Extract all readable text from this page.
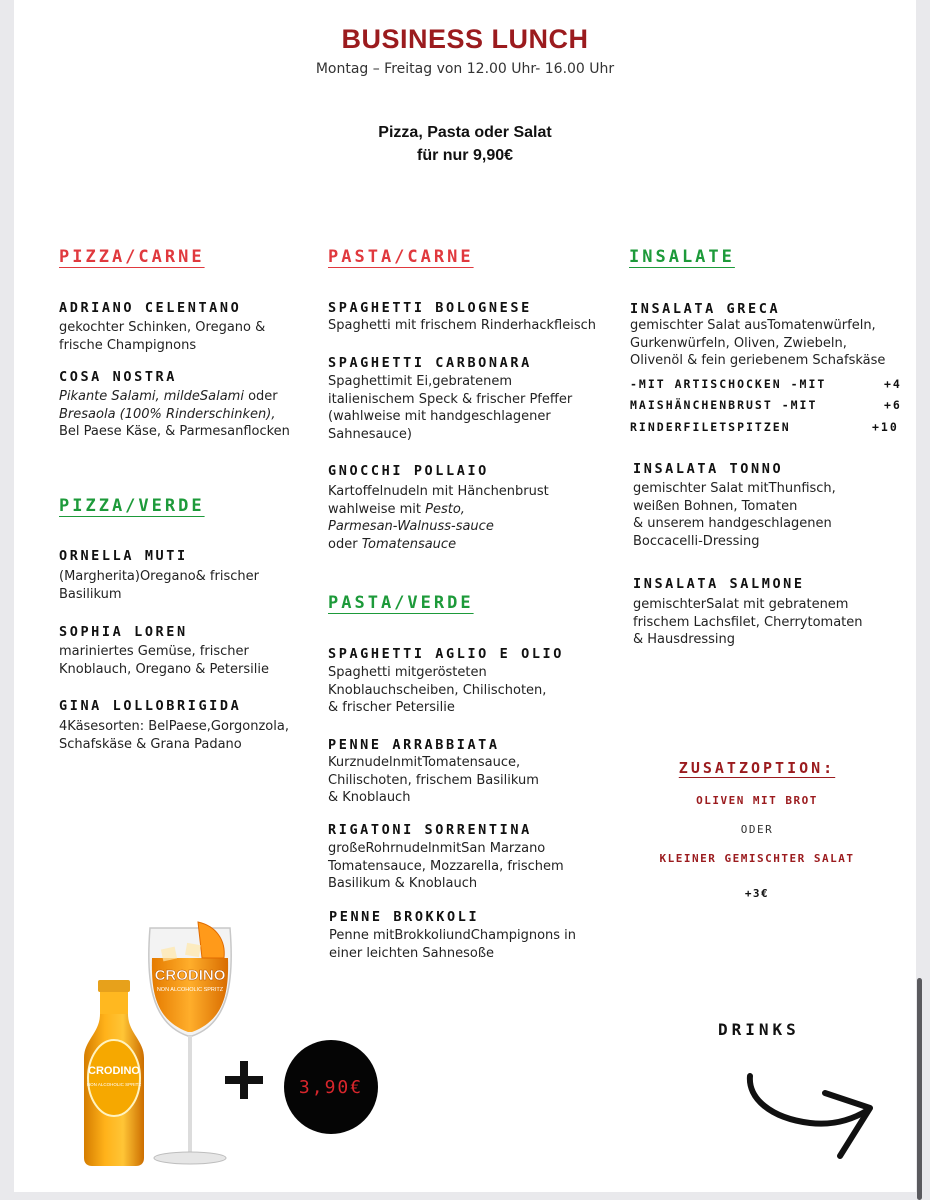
BUSINESS LUNCH
Montag – Freitag von 12.00 Uhr- 16.00 Uhr
Pizza, Pasta oder Salat
für nur 9,90€
PIZZA/CARNE
ADRIANO CELENTANO
gekochter Schinken, Oregano &
frische Champignons
COSA NOSTRA
Pikante Salami, mildeSalami oder
Bresaola (100% Rinderschinken),
Bel Paese Käse, & Parmesanflocken
PIZZA/VERDE
ORNELLA MUTI
(Margherita)Oregano& frischer
Basilikum
SOPHIA LOREN
mariniertes Gemüse, frischer
Knoblauch, Oregano & Petersilie
GINA LOLLOBRIGIDA
4Käsesorten: BelPaese,Gorgonzola,
Schafskäse & Grana Padano
PASTA/CARNE
SPAGHETTI BOLOGNESE
Spaghetti mit frischem Rinderhackfleisch
SPAGHETTI CARBONARA
Spaghettimit Ei,gebratenem
italienischem Speck & frischer Pfeffer
(wahlweise mit handgeschlagener
Sahnesauce)
GNOCCHI POLLAIO
Kartoffelnudeln mit Hänchenbrust
wahlweise mit Pesto,
Parmesan-Walnuss-sauce
oder Tomatensauce
PASTA/VERDE
SPAGHETTI AGLIO E OLIO
Spaghetti mitgerösteten
Knoblauchscheiben, Chilischoten,
& frischer Petersilie
PENNE ARRABBIATA
KurznudelnmitTomatensauce,
Chilischoten, frischem Basilikum
& Knoblauch
RIGATONI SORRENTINA
großeRohrnudelnmitSan Marzano
Tomatensauce, Mozzarella, frischem
Basilikum & Knoblauch
PENNE BROKKOLI
Penne mitBrokkoliundChampignons in
einer leichten Sahnesoße
INSALATE
INSALATA GRECA
gemischter Salat ausTomatenwürfeln,
Gurkenwürfeln, Oliven, Zwiebeln,
Olivenöl & fein geriebenem Schafskäse
-MIT ARTISCHOCKEN -MIT	+4
MAISHÄNCHENBRUST -MIT	+6
RINDERFILETSPITZEN	+10
INSALATA TONNO
gemischter Salat mitThunfisch,
weißen Bohnen, Tomaten
& unserem handgeschlagenen
Boccacelli-Dressing
INSALATA SALMONE
gemischterSalat mit gebratenem
frischem Lachsfilet, Cherrytomaten
& Hausdressing
ZUSATZOPTION:
OLIVEN MIT BROT
ODER
KLEINER GEMISCHTER SALAT
+3€
DRINKS
CRODINO
NON ALCOHOLIC SPRITZ
CRODINO
NON ALCOHOLIC SPRITZ
3,90€
